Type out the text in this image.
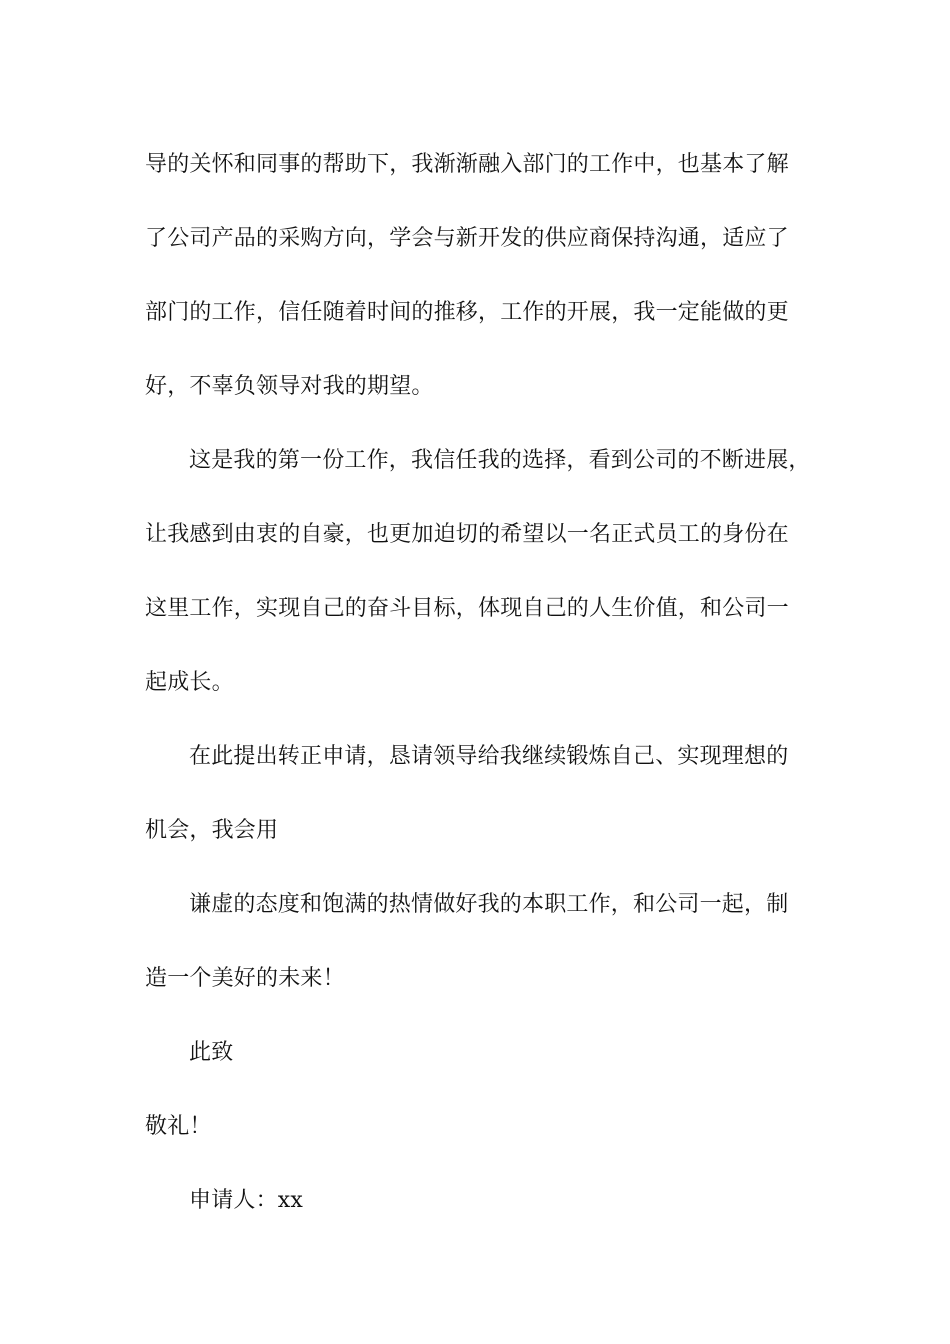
导的关怀和同事的帮助下，我渐渐融入部门的工作中，也基本了解
了公司产品的采购方向，学会与新开发的供应商保持沟通，适应了
部门的工作，信任随着时间的推移，工作的开展，我一定能做的更
好，不辜负领导对我的期望。

这是我的第一份工作，我信任我的选择，看到公司的不断进展，
让我感到由衷的自豪，也更加迫切的希望以一名正式员工的身份在
这里工作，实现自己的奋斗目标，体现自己的人生价值，和公司一
起成长。

在此提出转正申请，恳请领导给我继续锻炼自己、实现理想的
机会，我会用

谦虚的态度和饱满的热情做好我的本职工作，和公司一起，制
造一个美好的未来！

此致

敬礼！

申请人：xx
